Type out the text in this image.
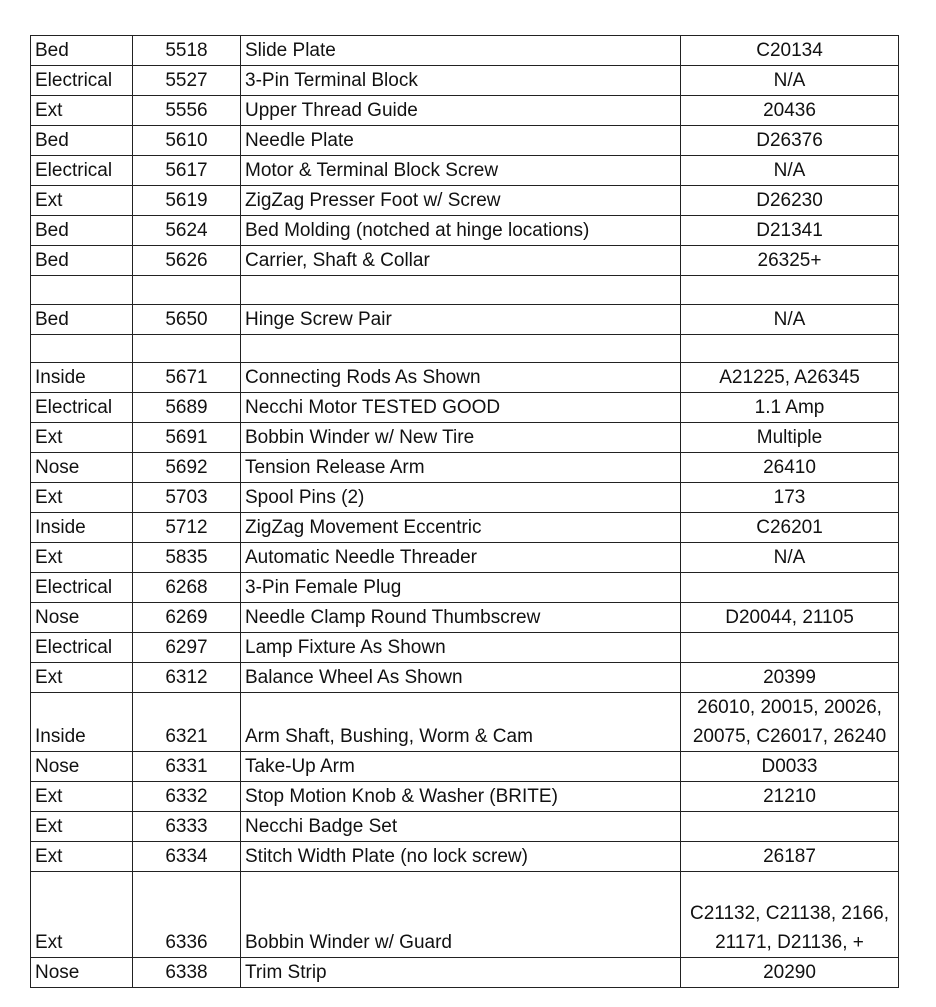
Bed	5518	Slide Plate	C20134

Electrical	5527	3-Pin Terminal Block	N/A

Ext	5556	Upper Thread Guide	20436

Bed	5610	Needle Plate	D26376

Electrical	5617	Motor & Terminal Block Screw	N/A

Ext	5619	ZigZag Presser Foot w/ Screw	D26230

Bed	5624	Bed Molding (notched at hinge locations)	D21341

Bed	5626	Carrier, Shaft & Collar	26325+

Bed	5650	Hinge Screw Pair	N/A

Inside	5671	Connecting Rods As Shown	A21225, A26345

Electrical	5689	Necchi Motor TESTED GOOD	1.1 Amp

Ext	5691	Bobbin Winder w/ New Tire	Multiple

Nose	5692	Tension Release Arm	26410

Ext	5703	Spool Pins (2)	173

Inside	5712	ZigZag Movement Eccentric	C26201

Ext	5835	Automatic Needle Threader	N/A

Electrical	6268	3-Pin Female Plug	
Nose	6269	Needle Clamp Round Thumbscrew	D20044, 21105

Electrical	6297	Lamp Fixture As Shown	
Ext	6312	Balance Wheel As Shown	20399

Inside	6321	Arm Shaft, Bushing, Worm & Cam	26010, 20015, 20026,
20075, C26017, 26240

Nose	6331	Take-Up Arm	D0033

Ext	6332	Stop Motion Knob & Washer (BRITE)	21210

Ext	6333	Necchi Badge Set	
Ext	6334	Stitch Width Plate (no lock screw)	26187

Ext	6336	Bobbin Winder w/ Guard	C21132, C21138, 2166,
21171, D21136, +

Nose	6338	Trim Strip	20290
